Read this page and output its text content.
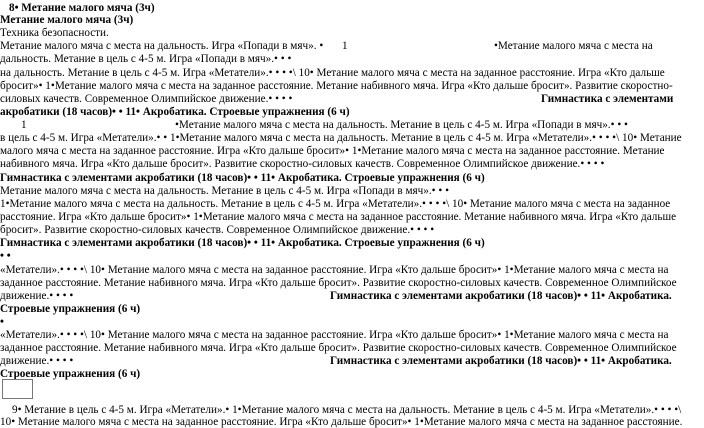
8• Метание малого мяча (3ч)
Метание малого мяча (3ч)
Техника безопасности.
Метание малого мяча с места на дальность. Игра «Попади в мяч». •	1	•Метание малого мяча с места на
дальность. Метание в цель с 4-5 м. Игра «Попади в мяч».• • •
на дальность. Метание в цель с 4-5 м. Игра «Метатели».• • • •\ 10• Метание малого мяча с места на заданное расстояние. Игра «Кто дальше
бросит»• 1•Метание малого мяча с места на заданное расстояние. Метание набивного мяча. Игра «Кто дальше бросит». Развитие скоростно-
силовых качеств. Современное Олимпийское движение.• • • •	Гимнастика с элементами
акробатики (18 часов)• • 11• Акробатика. Строевые упражнения (6 ч)
1	•Метание малого мяча с места на дальность. Метание в цель с 4-5 м. Игра «Попади в мяч».• • •
в цель с 4-5 м. Игра «Метатели».• • 1•Метание малого мяча с места на дальность. Метание в цель с 4-5 м. Игра «Метатели».• • • •\ 10• Метание
малого мяча с места на заданное расстояние. Игра «Кто дальше бросит»• 1•Метание малого мяча с места на заданное расстояние. Метание
набивного мяча. Игра «Кто дальше бросит». Развитие скоростно-силовых качеств. Современное Олимпийское движение.• • • •
Гимнастика с элементами акробатики (18 часов)• • 11• Акробатика. Строевые упражнения (6 ч)
Метание малого мяча с места на дальность. Метание в цель с 4-5 м. Игра «Попади в мяч».• • •
1•Метание малого мяча с места на дальность. Метание в цель с 4-5 м. Игра «Метатели».• • • •\ 10• Метание малого мяча с места на заданное
расстояние. Игра «Кто дальше бросит»• 1•Метание малого мяча с места на заданное расстояние. Метание набивного мяча. Игра «Кто дальше
бросит». Развитие скоростно-силовых качеств. Современное Олимпийское движение.• • • •
Гимнастика с элементами акробатики (18 часов)• • 11• Акробатика. Строевые упражнения (6 ч)
• •
«Метатели».• • • •\ 10• Метание малого мяча с места на заданное расстояние. Игра «Кто дальше бросит»• 1•Метание малого мяча с места на
заданное расстояние. Метание набивного мяча. Игра «Кто дальше бросит». Развитие скоростно-силовых качеств. Современное Олимпийское
движение.• • • •	Гимнастика с элементами акробатики (18 часов)• • 11• Акробатика.
Строевые упражнения (6 ч)
•
«Метатели».• • • •\ 10• Метание малого мяча с места на заданное расстояние. Игра «Кто дальше бросит»• 1•Метание малого мяча с места на
заданное расстояние. Метание набивного мяча. Игра «Кто дальше бросит». Развитие скоростно-силовых качеств. Современное Олимпийское
движение.• • • •	Гимнастика с элементами акробатики (18 часов)• • 11• Акробатика.
Строевые упражнения (6 ч)
9• Метание в цель с 4-5 м. Игра «Метатели».• 1•Метание малого мяча с места на дальность. Метание в цель с 4-5 м. Игра «Метатели».• • • •\
10• Метание малого мяча с места на заданное расстояние. Игра «Кто дальше бросит»• 1•Метание малого мяча с места на заданное расстояние.
